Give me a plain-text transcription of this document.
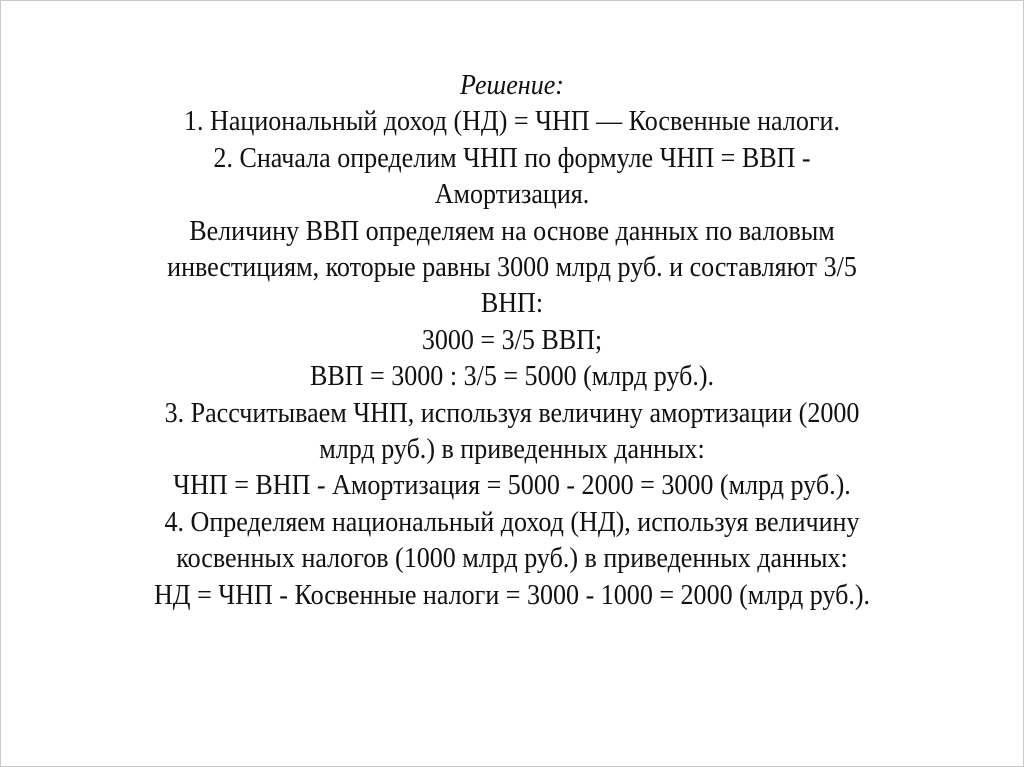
Решение:
1. Национальный доход (НД) = ЧНП — Косвенные налоги.
2. Сначала определим ЧНП по формуле ЧНП = ВВП -
Амортизация.
Величину ВВП определяем на основе данных по валовым
инвестициям, которые равны 3000 млрд руб. и составляют 3/5
ВНП:
3000 = 3/5 ВВП;
ВВП = 3000 : 3/5 = 5000 (млрд руб.).
3. Рассчитываем ЧНП, используя величину амортизации (2000
млрд руб.) в приведенных данных:
ЧНП = ВНП - Амортизация = 5000 - 2000 = 3000 (млрд руб.).
4. Определяем национальный доход (НД), используя величину
косвенных налогов (1000 млрд руб.) в приведенных данных:
НД = ЧНП - Косвенные налоги = 3000 - 1000 = 2000 (млрд руб.).
